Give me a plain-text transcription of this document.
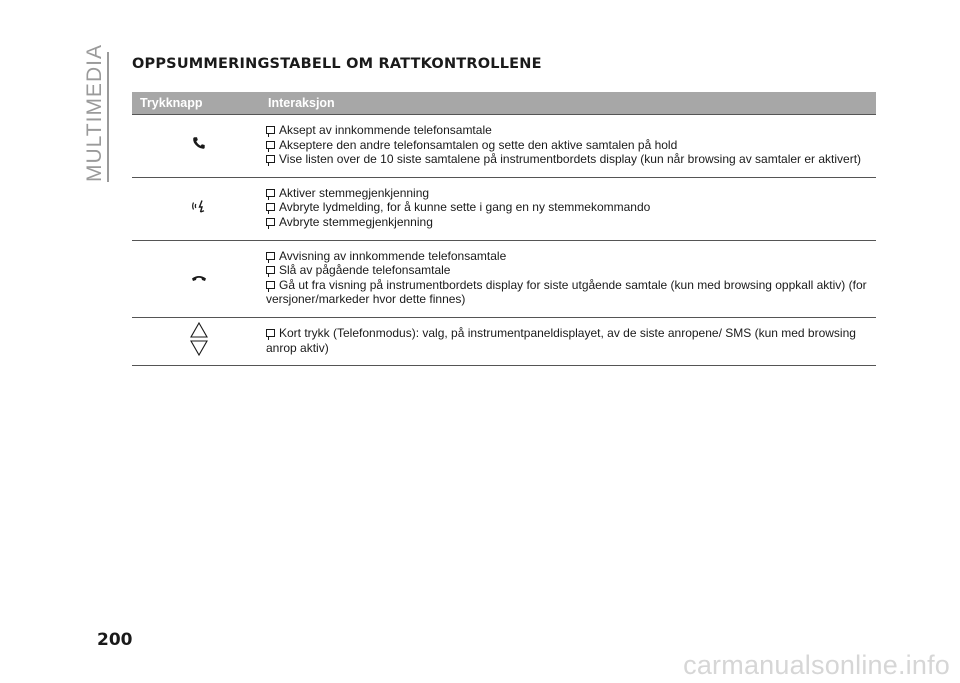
MULTIMEDIA OPPSUMMERINGSTABELL OM RATTKONTROLLENE
Trykknapp	Interaksjon
Aksept av innkommende telefonsamtale
Akseptere den andre telefonsamtalen og sette den aktive samtalen på hold
Vise listen over de 10 siste samtalene på instrumentbordets display (kun når browsing av samtaler er aktivert)
Aktiver stemmegjenkjenning
Avbryte lydmelding, for å kunne sette i gang en ny stemmekommando
Avbryte stemmegjenkjenning
Avvisning av innkommende telefonsamtale
Slå av pågående telefonsamtale
Gå ut fra visning på instrumentbordets display for siste utgående samtale (kun med browsing oppkall aktiv) (for versjoner/markeder hvor dette finnes)
Kort trykk (Telefonmodus): valg, på instrumentpaneldisplayet, av de siste anropene/ SMS (kun med browsing anrop aktiv)
200
carmanualsonline.info
